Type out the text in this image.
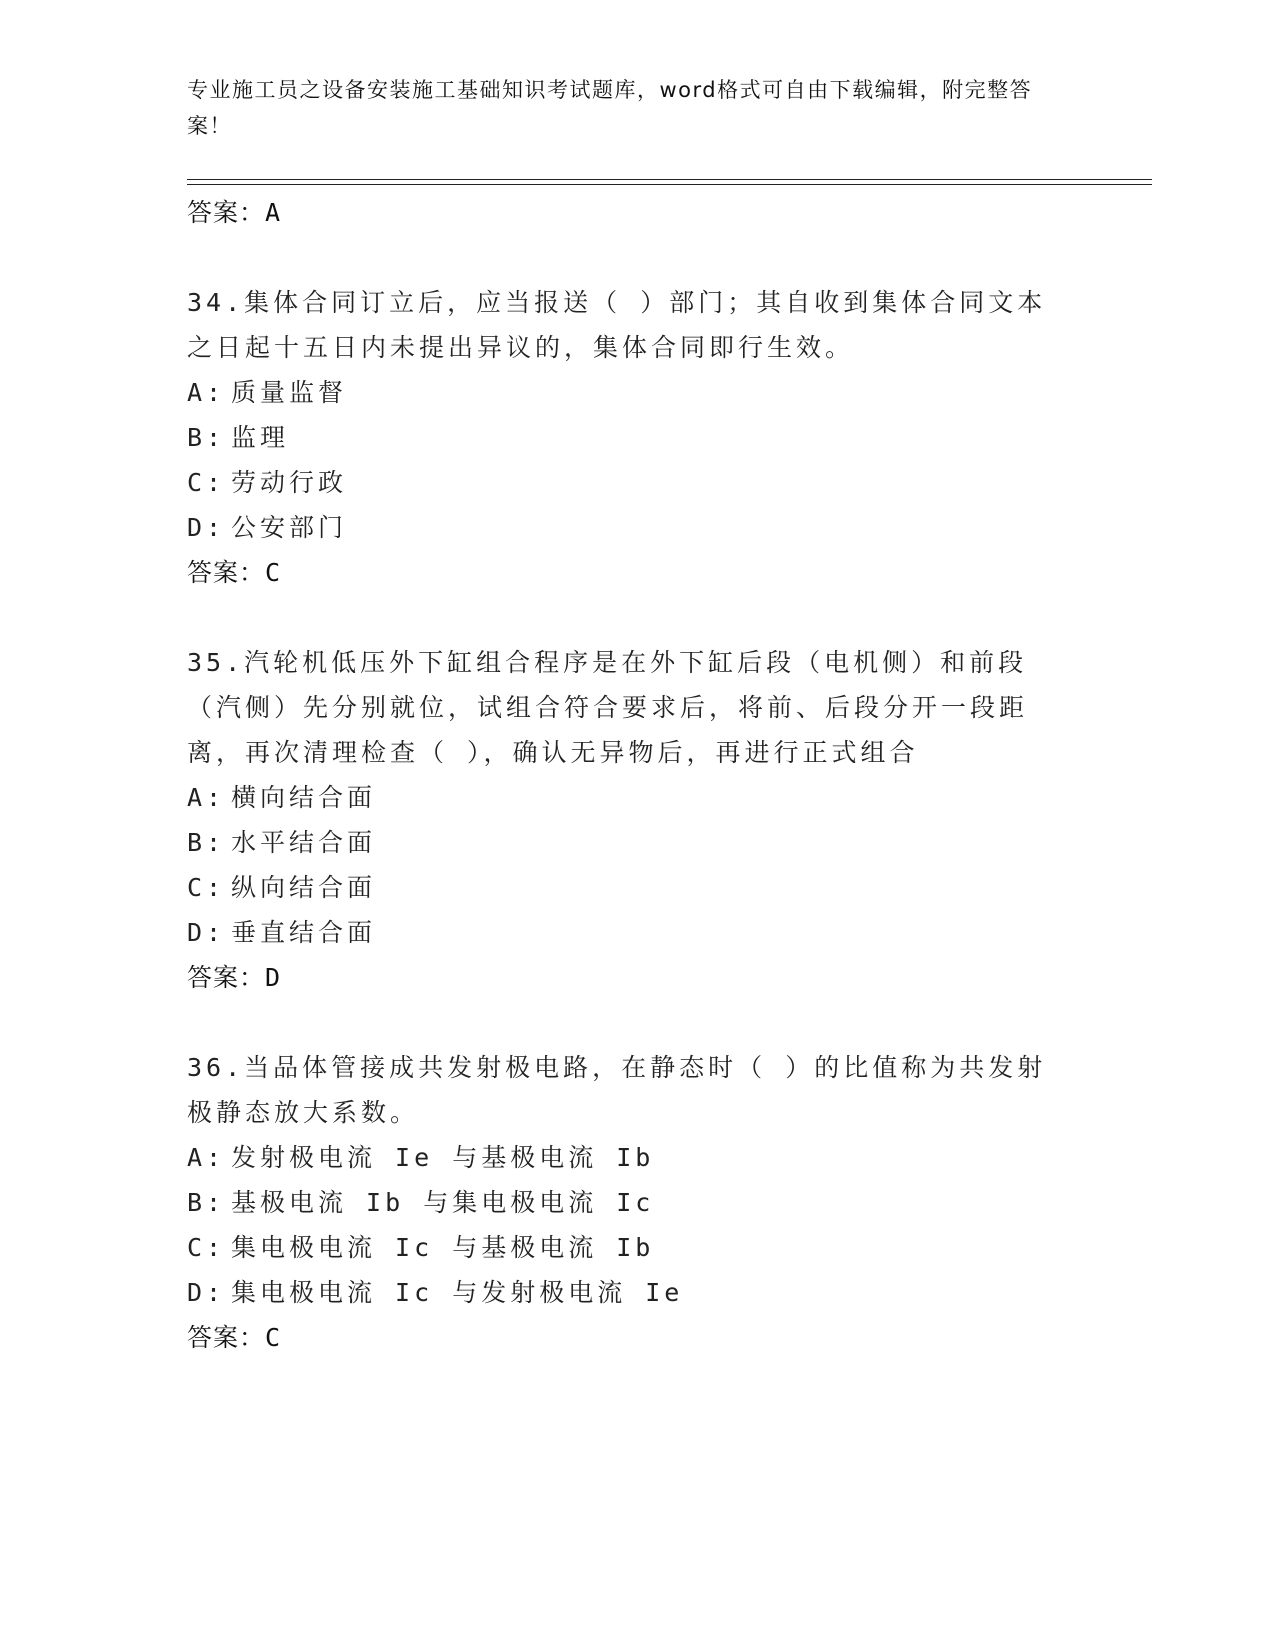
专业施工员之设备安装施工基础知识考试题库，word格式可自由下载编辑，附完整答案！
答案：A
34.集体合同订立后，应当报送（ ）部门；其自收到集体合同文本之日起十五日内未提出异议的，集体合同即行生效。
A: 质量监督
B: 监理
C: 劳动行政
D: 公安部门
答案：C
35.汽轮机低压外下缸组合程序是在外下缸后段（电机侧）和前段（汽侧）先分别就位，试组合符合要求后，将前、后段分开一段距离，再次清理检查（ ），确认无异物后，再进行正式组合
A: 横向结合面
B: 水平结合面
C: 纵向结合面
D: 垂直结合面
答案：D
36.当品体管接成共发射极电路，在静态时（ ）的比值称为共发射极静态放大系数。
A: 发射极电流 Ie 与基极电流 Ib
B: 基极电流 Ib 与集电极电流 Ic
C: 集电极电流 Ic 与基极电流 Ib
D: 集电极电流 Ic 与发射极电流 Ie
答案：C
